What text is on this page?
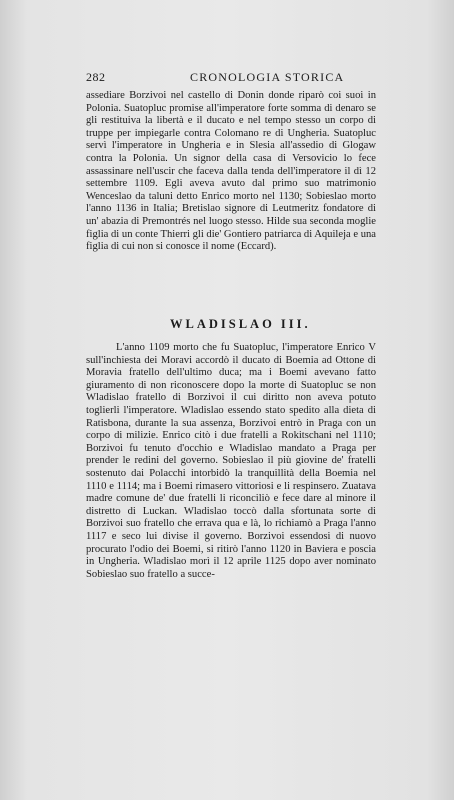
282	CRONOLOGIA STORICA
assediare Borzivoi nel castello di Donin donde riparò coi suoi in Polonia. Suatopluc promise all'imperatore forte somma di denaro se gli restituiva la libertà e il ducato e nel tempo stesso un corpo di truppe per impiegarle contra Colomano re di Ungheria. Suatopluc servì l'imperatore in Ungheria e in Slesia all'assedio di Glogaw contra la Polonia. Un signor della casa di Versovicio lo fece assassinare nell'uscir che faceva dalla tenda dell'imperatore il dì 12 settembre 1109. Egli aveva avuto dal primo suo matrimonio Wenceslao da taluni detto Enrico morto nel 1130; Sobieslao morto l'anno 1136 in Italia; Bretislao signore di Leutmeritz fondatore di un' abazia di Premontrés nel luogo stesso. Hilde sua seconda moglie figlia di un conte Thierri gli die' Gontiero patriarca di Aquileja e una figlia di cui non si conosce il nome (Eccard).
WLADISLAO III.
L'anno 1109 morto che fu Suatopluc, l'imperatore Enrico V sull'inchiesta dei Moravi accordò il ducato di Boemia ad Ottone di Moravia fratello dell'ultimo duca; ma i Boemi avevano fatto giuramento di non riconoscere dopo la morte di Suatopluc se non Wladislao fratello di Borzivoi il cui diritto non aveva potuto toglierli l'imperatore. Wladislao essendo stato spedito alla dieta di Ratisbona, durante la sua assenza, Borzivoi entrò in Praga con un corpo di milizie. Enrico citò i due fratelli a Rokitschani nel 1110; Borzivoi fu tenuto d'occhio e Wladislao mandato a Praga per prender le redini del governo. Sobieslao il più giovine de' fratelli sostenuto dai Polacchi intorbidò la tranquillità della Boemia nel 1110 e 1114; ma i Boemi rimasero vittoriosi e li respinsero. Zuatava madre comune de' due fratelli li riconciliò e fece dare al minore il distretto di Luckan. Wladislao toccò dalla sfortunata sorte di Borzivoi suo fratello che errava qua e là, lo richiamò a Praga l'anno 1117 e seco lui divise il governo. Borzivoi essendosi di nuovo procurato l'odio dei Boemi, si ritirò l'anno 1120 in Baviera e poscia in Ungheria. Wladislao morì il 12 aprile 1125 dopo aver nominato Sobieslao suo fratello a succe-
